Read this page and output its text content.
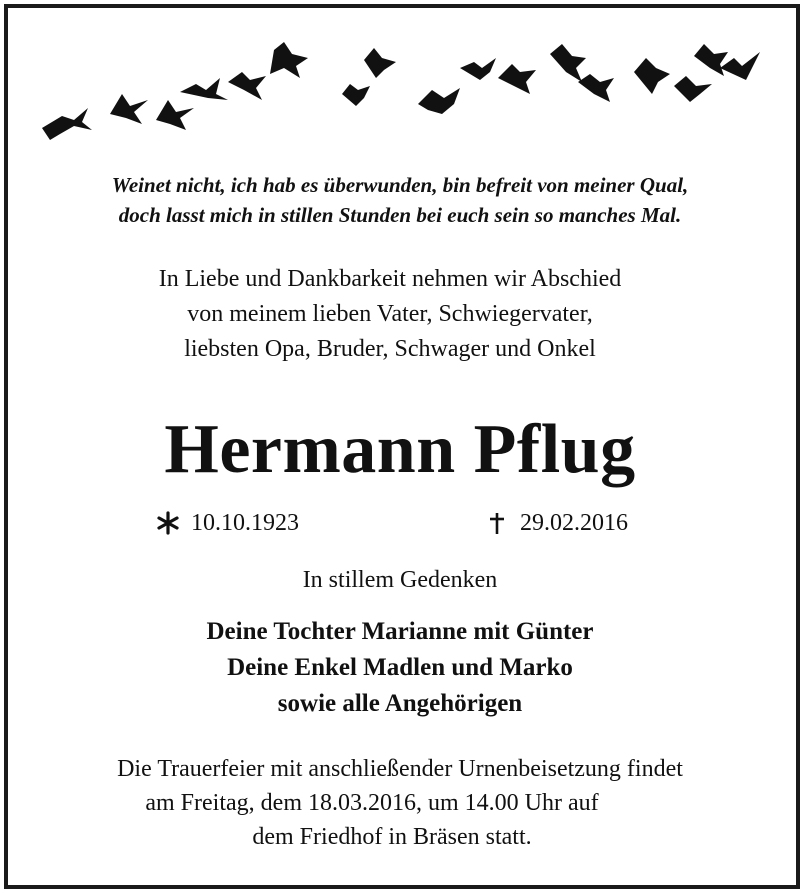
Weinet nicht, ich hab es überwunden, bin befreit von meiner Qual,
doch lasst mich in stillen Stunden bei euch sein so manches Mal.
In Liebe und Dankbarkeit nehmen wir Abschied
von meinem lieben Vater, Schwiegervater,
liebsten Opa, Bruder, Schwager und Onkel
Hermann Pflug
10.10.1923	29.02.2016
In stillem Gedenken
Deine Tochter Marianne mit Günter
Deine Enkel Madlen und Marko
sowie alle Angehörigen
Die Trauerfeier mit anschließender Urnenbeisetzung findet
am Freitag, dem 18.03.2016, um 14.00 Uhr auf
dem Friedhof in Bräsen statt.
